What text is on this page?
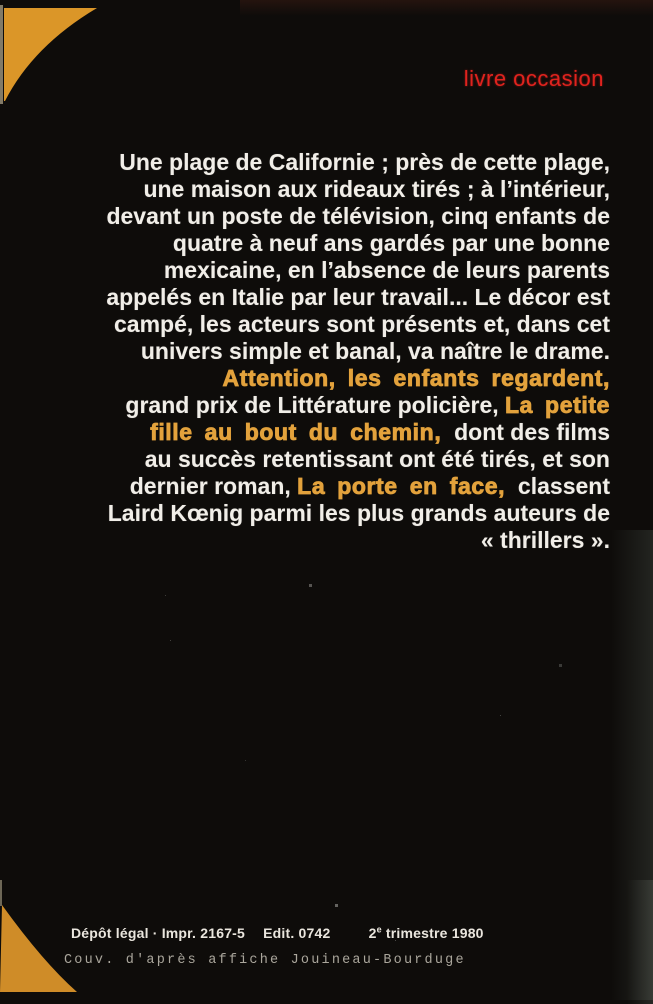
livre occasion
Une plage de Californie ; près de cette plage,
une maison aux rideaux tirés ; à l’intérieur,
devant un poste de télévision, cinq enfants de
quatre à neuf ans gardés par une bonne
mexicaine, en l’absence de leurs parents
appelés en Italie par leur travail... Le décor est
campé, les acteurs sont présents et, dans cet
univers simple et banal, va naître le drame.
Attention, les enfants regardent,
grand prix de Littérature policière, La petite
fille au bout du chemin,  dont des films
au succès retentissant ont été tirés, et son
dernier roman, La porte en face,  classent
Laird Kœnig parmi les plus grands auteurs de
« thrillers ».
Dépôt légal · Impr. 2167-5 Edit. 0742	2e trimestre 1980
Couv. d'après affiche Jouineau-Bourduge
